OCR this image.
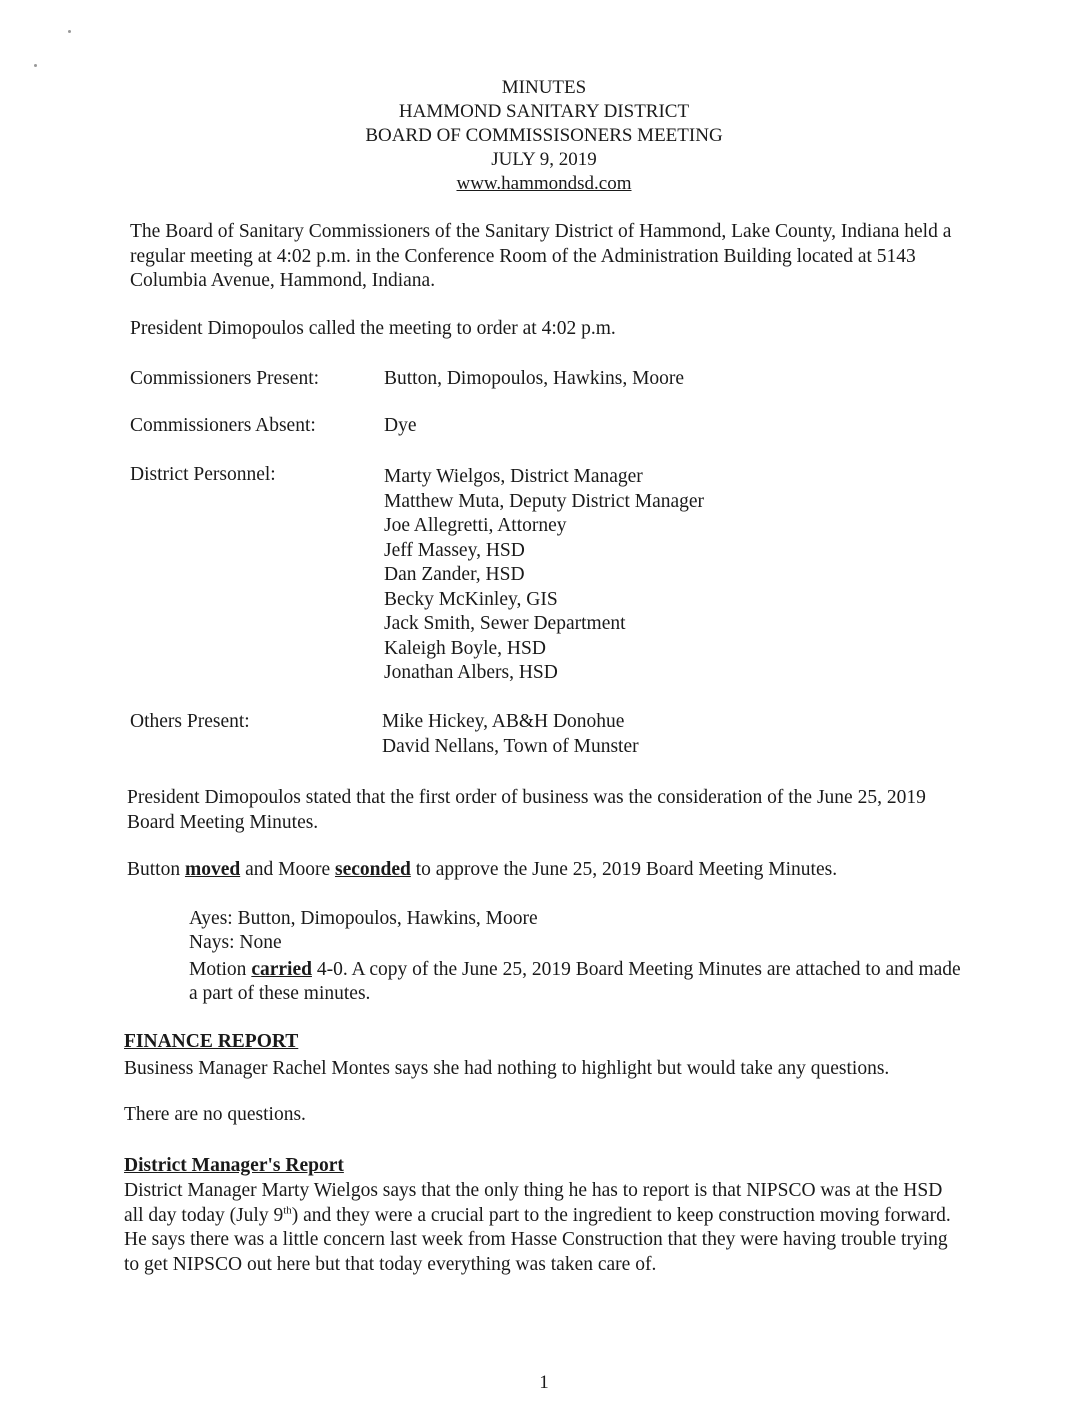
MINUTES
HAMMOND SANITARY DISTRICT
BOARD OF COMMISSISONERS MEETING
JULY 9, 2019
www.hammondsd.com
The Board of Sanitary Commissioners of the Sanitary District of Hammond, Lake County, Indiana held a regular meeting at 4:02 p.m. in the Conference Room of the Administration Building located at 5143 Columbia Avenue, Hammond, Indiana.
President Dimopoulos called the meeting to order at 4:02 p.m.
Commissioners Present:	Button, Dimopoulos, Hawkins, Moore
Commissioners Absent:	Dye
District Personnel:	Marty Wielgos, District Manager
Matthew Muta, Deputy District Manager
Joe Allegretti, Attorney
Jeff Massey, HSD
Dan Zander, HSD
Becky McKinley, GIS
Jack Smith, Sewer Department
Kaleigh Boyle, HSD
Jonathan Albers, HSD
Others Present:	Mike Hickey, AB&H Donohue
David Nellans, Town of Munster
President Dimopoulos stated that the first order of business was the consideration of the June 25, 2019 Board Meeting Minutes.
Button moved and Moore seconded to approve the June 25, 2019 Board Meeting Minutes.
Ayes: Button, Dimopoulos, Hawkins, Moore
Nays: None
Motion carried 4-0. A copy of the June 25, 2019 Board Meeting Minutes are attached to and made a part of these minutes.
FINANCE REPORT
Business Manager Rachel Montes says she had nothing to highlight but would take any questions.
There are no questions.
District Manager's Report
District Manager Marty Wielgos says that the only thing he has to report is that NIPSCO was at the HSD all day today (July 9th) and they were a crucial part to the ingredient to keep construction moving forward. He says there was a little concern last week from Hasse Construction that they were having trouble trying to get NIPSCO out here but that today everything was taken care of.
1
